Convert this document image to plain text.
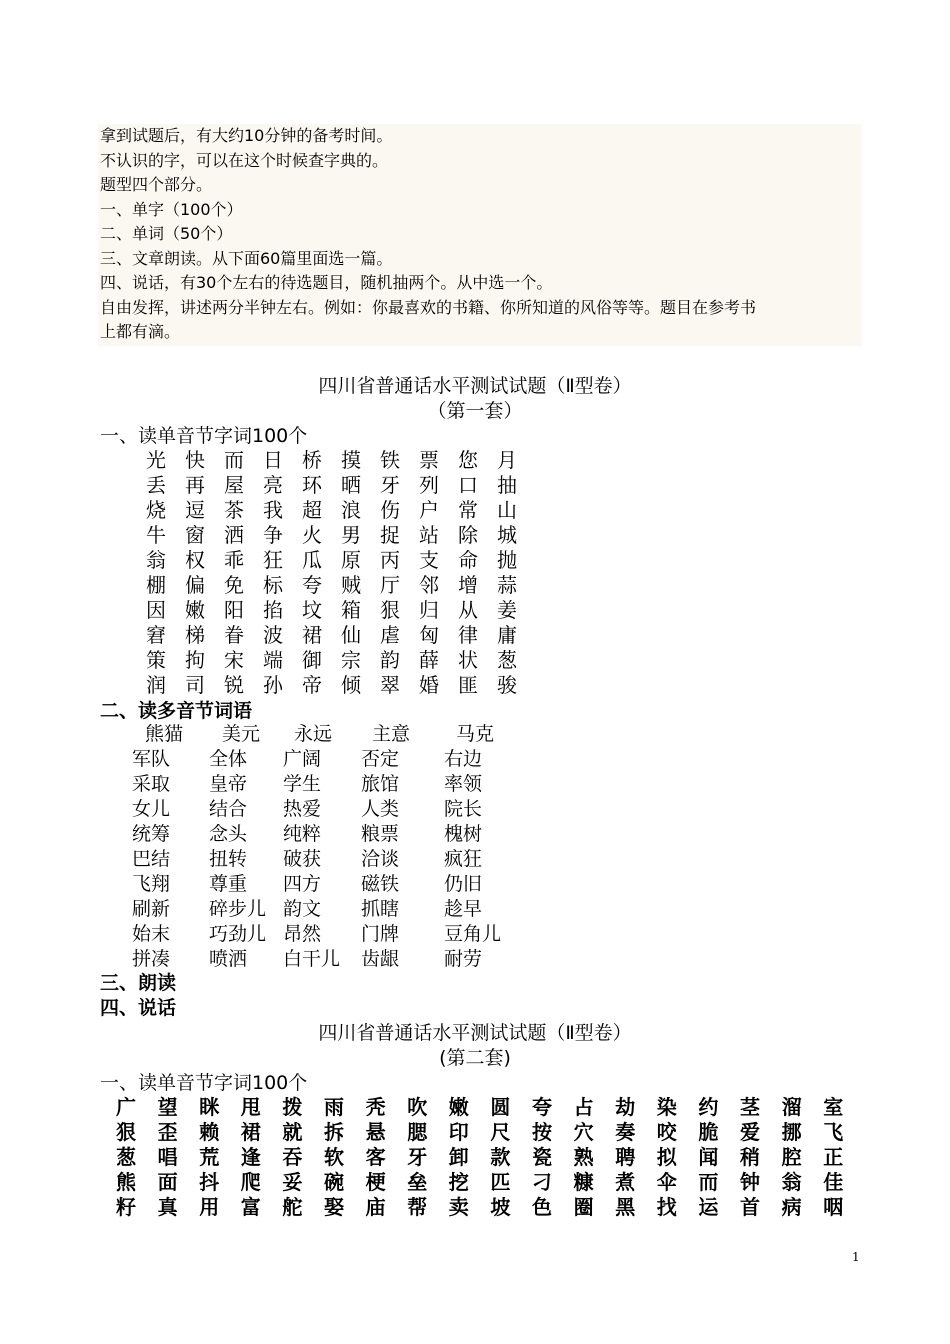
拿到试题后，有大约10分钟的备考时间。
不认识的字，可以在这个时候查字典的。
题型四个部分。
一、单字（100个）
二、单词（50个）
三、文章朗读。从下面60篇里面选一篇。
四、说话，有30个左右的待选题目，随机抽两个。从中选一个。
自由发挥，讲述两分半钟左右。例如：你最喜欢的书籍、你所知道的风俗等等。题目在参考书
上都有滴。
四川省普通话水平测试试题（Ⅱ型卷）
（第一套）
一、读单音节字词100个
光 快 而 日 桥 摸 铁 票 您 月
丢 再 屋 亮 环 晒 牙 列 口 抽
烧 逗 茶 我 超 浪 伤 户 常 山
牛 窗 洒 争 火 男 捉 站 除 城
翁 权 乖 狂 瓜 原 丙 支 命 抛
棚 偏 免 标 夸 贼 厅 邻 增 蒜
因 嫩 阳 掐 坟 箱 狠 归 从 姜
窘 梯 眷 波 裙 仙 虐 匈 律 庸
策 拘 宋 端 御 宗 韵 薛 状 葱
润 司 锐 孙 帝 倾 翠 婚 匪 骏
二、读多音节词语
熊猫 美元 永远 主意 马克
军队 全体 广阔 否定 右边
采取 皇帝 学生 旅馆 率领
女儿 结合 热爱 人类 院长
统筹 念头 纯粹 粮票 槐树
巴结 扭转 破获 洽谈 疯狂
飞翔 尊重 四方 磁铁 仍旧
刷新 碎步儿 韵文 抓瞎 趁早
始末 巧劲儿 昂然 门牌 豆角儿
拼凑 喷洒 白干儿 齿龈 耐劳
三、朗读
四、说话
四川省普通话水平测试试题（Ⅱ型卷）
(第二套)
一、读单音节字词100个
广 望 眯 甩 拨 雨 秃 吹 嫩 圆 夸 占 劫 染 约 茎 溜 室
狠 歪 赖 裙 就 拆 悬 腮 印 尺 按 穴 奏 咬 脆 爱 挪 飞
葱 唱 荒 逢 吞 软 客 牙 卸 款 瓷 熟 聘 拟 闻 稍 腔 正
熊 面 抖 爬 妥 碗 梗 垒 挖 匹 刁 糠 煮 伞 而 钟 翁 佳
籽 真 用 富 舵 娶 庙 帮 卖 坡 色 圈 黑 找 运 首 病 咽
1
